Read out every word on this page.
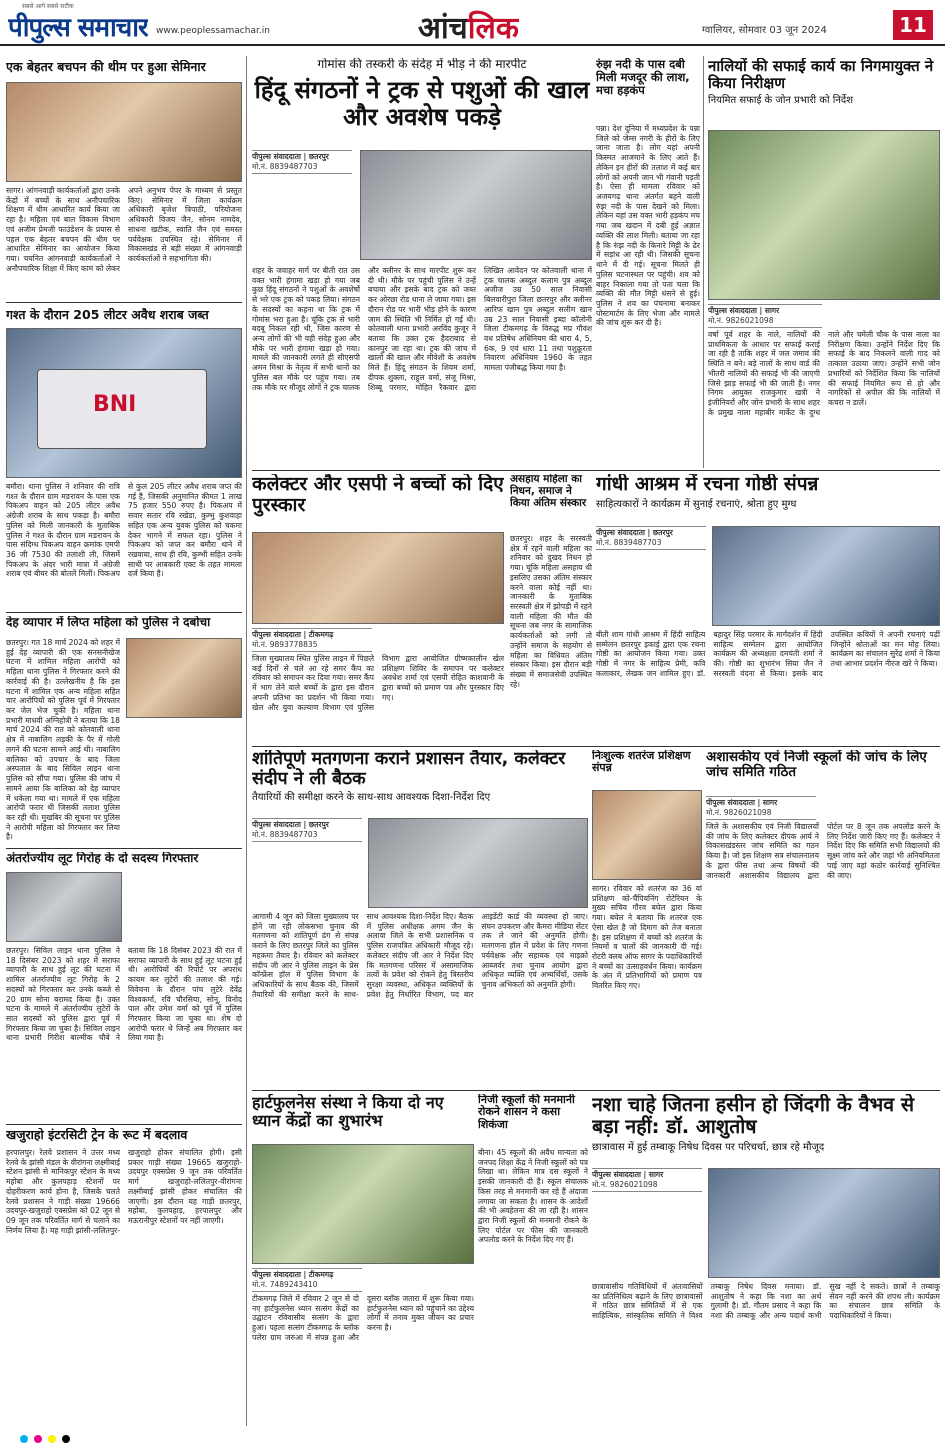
सबसे आगे सबसे सटीक
पीपुल्स समाचार www.peoplessamachar.in	आंचलिक	ग्वालियर, सोमवार 03 जून 2024	11
एक बेहतर बचपन की थीम पर हुआ सेमिनार
सागर। आंगनवाड़ी कार्यकर्ताओं द्वारा उनके केंद्रों में बच्चों के साथ अनौपचारिक शिक्षण में थीम आधारित कार्य किया जा रहा है। महिला एवं बाल विकास विभाग एवं अजीम प्रेमजी फाउंडेशन के प्रयास से पहल एक बेहतर बचपन की थीम पर आधारित सेमिनार का आयोजन किया गया। चयनित आंगनवाड़ी कार्यकर्ताओं ने अनौपचारिक शिक्षा में किए काम को लेकर अपने अनुभव पेपर के माध्यम से प्रस्तुत किए। सेमिनार में जिला कार्यक्रम अधिकारी बृजेश त्रिपाठी, परियोजना अधिकारी विजय जैन, सोनम नामदेव, साधना खटीक, स्वाति जैन एवं समस्त पर्यवेक्षक उपस्थित रहे। सेमिनार में विकासखंड से बड़ी संख्या में आंगनवाड़ी कार्यकर्ताओं ने सहभागिता की।
गश्त के दौरान 205 लीटर अवैध शराब जब्त
BNI
बमौरा। थाना पुलिस ने शनिवार की रात्रि गश्त के दौरान ग्राम मङरावन के पास एक पिकअप वाहन को 205 लीटर अवैध अंग्रेजी शराब के साथ पकड़ा है। बमौरा पुलिस को मिली जानकारी के मुताबिक पुलिस ने गश्त के दौरान ग्राम मङरावन के पास संदिग्ध पिकअप वाहन क्रमांक एमपी 36 जी 7530 की तलाशी ली, जिसमें पिकअप के अंदर भारी मात्रा में अंग्रेजी शराब एवं बीयर की बोतलें मिलीं। पिकअप से कुल 205 लीटर अवैध शराब जप्त की गई है, जिसकी अनुमानित कीमत 1 लाख 75 हजार 550 रुपए है। पिकअप में सवार सतार रवि रखेडा, कुम्भु कुशवाहा सहित एक अन्य युवक पुलिस को चकमा देकर भागने में सफल रहा। पुलिस ने पिकअप को जप्त कर बमौरा थाने में रखवाया, साथ ही रवि, कुम्भी सहित उनके साथी पर आबकारी एक्ट के तहत मामला दर्ज किया है।
देह व्यापार में लिप्त महिला को पुलिस ने दबोचा
छतरपुर। गत 18 मार्च 2024 को शहर में हुई देह व्यापारी की एक सनसनीखेज घटना में शामिल महिला आरोपी को महिला थाना पुलिस ने गिरफ्तार करने की कार्रवाई की है। उल्लेखनीय है कि इस घटना में शामिल एक अन्य महिला सहित चार आरोपियों को पुलिस पूर्व में गिरफ्तार कर जेल भेज चुकी है। महिला थाना प्रभारी माधवी अग्निहोत्री ने बताया कि 18 मार्च 2024 की रात को कोतवाली थाना क्षेत्र में नाबालिग लड़की के पैर में गोली लगने की घटना सामने आई थी। नाबालिग बालिका को उपचार के बाद जिला अस्पताल के बाद सिविल लाइन थाना पुलिस को सौंपा गया। पुलिस की जांच में सामने आया कि बालिका को देह व्यापार में धकेला गया था। मामले में एक महिला आरोपी फरार थी जिसकी तलाश पुलिस कर रही थी। मुखबिर की सूचना पर पुलिस ने आरोपी महिला को गिरफ्तार कर लिया है।
अंतर्राज्यीय लूट गिरोह के दो सदस्य गिरफ्तार
छतरपुर। सिविल लाइन थाना पुलिस ने 18 दिसंबर 2023 को शहर में सराफा व्यापारी के साथ हुई लूट की घटना में शामिल अंतर्राज्यीय लूट गिरोह के 2 सदस्यों को गिरफ्तार कर उनके कब्जे से 20 ग्राम सोना बरामद किया है। उक्त घटना के मामले में अंतर्राज्यीय लुटेरों के सात सदस्यों को पुलिस द्वारा पूर्व में गिरफ्तार किया जा चुका है। सिविल लाइन थाना प्रभारी गिरीश बाल्मीक चौबे ने बताया कि 18 दिसंबर 2023 की रात में सराफा व्यापारी के साथ हुई लूट घटना हुई थी। आरोपियों की रिपोर्ट पर अपराध कायम कर लुटेरों की तलाश की गई। विवेचना के दौरान पांच लुटेरे देवेंद्र विश्वकर्मा, रवि चौरसिया, सोनू, विनोद पाल और उमेश वर्मा को पूर्व में पुलिस गिरफ्तार किया जा चुका था। शेष दो आरोपी फरार थे जिन्हें अब गिरफ्तार कर लिया गया है।
खजुराहो इंटरसिटी ट्रेन के रूट में बदलाव
हरपालपुर। रेलवे प्रशासन ने उत्तर मध्य रेलवे के झांसी मंडल के वीरांगना लक्ष्मीबाई स्टेशन झांसी से मानिकपुर स्टेशन के मध्य महोबा और कुलपहाड़ स्टेशनों पर दोहरीकरण कार्य होना है, जिसके चलते रेलवे प्रशासन ने गाड़ी संख्या 19666 उदयपुर-खजुराहो एक्सप्रेस को 02 जून से 09 जून तक परिवर्तित मार्ग से चलाने का निर्णय लिया है। यह गाड़ी झांसी-ललितपुर-खजुराहो होकर संचालित होगी। इसी प्रकार गाड़ी संख्या 19665 खजुराहो-उदयपुर एक्सप्रेस 9 जून तक परिवर्तित मार्ग खजुराहो-ललितपुर-वीरांगना लक्ष्मीबाई झांसी होकर संचालित की जाएगी। इस दौरान यह गाड़ी छतरपुर, महोबा, कुलपहाड़, हरपालपुर और मऊरानीपुर स्टेशनों पर नहीं जाएगी।
गोमांस की तस्करी के संदेह में भीड़ ने की मारपीट
हिंदू संगठनों ने ट्रक से पशुओं की खाल और अवशेष पकड़े
पीपुल्स संवाददाता | छतरपुर
मो.नं. 8839487703
शहर के जवाहर मार्ग पर बीती रात उस वक्त भारी हंगामा खड़ा हो गया जब कुछ हिंदू संगठनों ने पशुओं के अवशेषों से भरे एक ट्रक को पकड़ लिया। संगठन के सदस्यों का कहना था कि ट्रक में गोमांस भरा हुआ है। चूंकि ट्रक से भारी बदबू निकल रही थी, जिस कारण से अन्य लोगों की भी वही संदेह हुआ और मौके पर भारी हंगामा खड़ा हो गया। मामले की जानकारी लगते ही सीएसपी अमन मिश्रा के नेतृत्व में सभी थानों का पुलिस बल मौके पर पहुंच गया। तब तक मौके पर मौजूद लोगों ने ट्रक चालक और क्लीनर के साथ मारपीट शुरू कर दी थी। मौके पर पहुंची पुलिस ने उन्हें बचाया और इसके बाद ट्रक को जब्त कर ओरछा रोड थाना ले जाया गया। इस दौरान रोड पर भारी भीड़ होने के कारण जाम की स्थिति भी निर्मित हो गई थी। कोतवाली थाना प्रभारी अरविंद कुजूर ने बताया कि उक्त ट्रक हैदराबाद से कानपुर जा रहा था। ट्रक की जांच में खालों की खाल और मीवेशी के अवशेष मिले हैं। हिंदू संगठन के शिवम शर्मा, दीपक शुक्ला, राहुल वर्मा, संजू मिश्रा, शिब्बू परमार, मोहित रैकवार द्वारा लिखित आवेदन पर कोतवाली थाना में ट्रक चालक अब्दुल कलाम पुत्र अब्दुल अजीज उम्र 50 साल निवासी बिलवारीपुरा जिला छतरपुर और क्लीनर आरिफ खान पुत्र अब्दुल सलीम खान उम्र 23 साल निवासी इब्दा कॉलोनी जिला टीकमगढ़ के विरुद्ध मप्र गौवंश वध प्रतिषेध अधिनियम की धारा 4, 5, 6क, 9 एवं धारा 11 तथा पशुक्रूरता निवारण अधिनियम 1960 के तहत मामला पंजीबद्ध किया गया है।
रुंझ नदी के पास दबी मिली मजदूर की लाश, मचा हड़कंप
पन्ना। देश दुनिया में मध्यप्रदेश के पन्ना जिले को जेम्स नगरी के हीरों के लिए जाना जाता है। लोग यहां अपनी किस्मत आजमाने के लिए आते हैं। लेकिन इन हीरों की तलाश में कई बार लोगों को अपनी जान भी गंवानी पड़ती है। ऐसा ही मामला रविवार को अजयगढ़ थाना अंतर्गत बहने वाली रुंझ नदी के पास देखने को मिला। लेकिन यहां उस वक्त भारी हड़कंप मच गया जब खदान में दबी हुई अज्ञात व्यक्ति की लाश मिली। बताया जा रहा है कि रुंझ नदी के किनारे मिट्टी के ढेर में सड़ांध आ रही थी। जिसकी सूचना थाने में दी गई। सूचना मिलते ही पुलिस घटनास्थल पर पहुंची। शव को बाहर निकाला गया तो पता चला कि व्यक्ति की मौत मिट्टी धंसने से हुई। पुलिस ने शव का पंचनामा बनाकर पोस्टमार्टम के लिए भेजा और मामले की जांच शुरू कर दी है।
नालियों की सफाई कार्य का निगमायुक्त ने किया निरीक्षण
नियमित सफाई के जोन प्रभारी को निर्देश
पीपुल्स संवाददाता | सागर
मो.नं. 9826021098
वर्षा पूर्व शहर के नाले, नालियों की प्राथमिकता के आधार पर सफाई कराई जा रही है ताकि शहर में जल जमाव की स्थिति न बने। बड़े नालों के साथ वार्ड की भीतरी नालियों की सफाई भी की जाएगी जिसे झाड़ सफाई भी की जाती है। नगर निगम आयुक्त राजकुमार खत्री ने इंजीनियरों और जोन प्रभारी के साथ शहर के प्रमुख नाला महाबीर मार्केट के दुग्ध नाले और चमेली चौक के पास नाला का निरीक्षण किया। उन्होंने निर्देश दिए कि सफाई के बाद निकलने वाली गाद को तत्काल उठाया जाए। उन्होंने सभी जोन प्रभारियों को निर्देशित किया कि नालियों की सफाई नियमित रूप से हो और नागरिकों से अपील की कि नालियों में कचरा न डालें।
कलेक्टर और एसपी ने बच्चों को दिए पुरस्कार
पीपुल्स संवाददाता | टीकमगढ़
मो.नं. 9893778835
जिला मुख्यालय स्थित पुलिस लाइन में पिछले कई दिनों से चले आ रहे समर कैंप का रविवार को समापन कर दिया गया। समर कैंप में भाग लेने वाले बच्चों के द्वारा इस दौरान अपनी प्रतिभा का प्रदर्शन भी किया गया। खेल और युवा कल्याण विभाग एवं पुलिस विभाग द्वारा आयोजित ग्रीष्मकालीन खेल प्रशिक्षण शिविर के समापन पर कलेक्टर अवधेश शर्मा एवं एसपी रोहित काशवानी के द्वारा बच्चों को प्रमाण पत्र और पुरस्कार दिए गए।
असहाय महिला का निधन, समाज ने किया अंतिम संस्कार
छतरपुर। शहर के सरस्वती क्षेत्र में रहने वाली महिला का शनिवार को दुखद निधन हो गया। चूंकि महिला असहाय थी इसलिए उसका अंतिम संस्कार करने वाला कोई नहीं था। जानकारी के मुताबिक सरस्वती क्षेत्र में झोपड़ी में रहने वाली महिला की मौत की सूचना जब नगर के सामाजिक कार्यकर्ताओं को लगी तो उन्होंने समाज के सहयोग से महिला का विधिवत अंतिम संस्कार किया। इस दौरान बड़ी संख्या में समाजसेवी उपस्थित रहे।
गांधी आश्रम में रचना गोष्ठी संपन्न
साहित्यकारों ने कार्यक्रम में सुनाई रचनाएं, श्रोता हुए मुग्ध
पीपुल्स संवाददाता | छतरपुर
मो.नं. 8839487703
बीती शाम गांधी आश्रम में हिंदी साहित्य सम्मेलन छतरपुर इकाई द्वारा एक रचना गोष्ठी का आयोजन किया गया। उक्त गोष्ठी में नगर के साहित्य प्रेमी, कवि कलाकार, लेखक जन शामिल हुए। डॉ. बहादुर सिंह परमार के मार्गदर्शन में हिंदी साहित्य सम्मेलन द्वारा आयोजित कार्यक्रम की अध्यक्षता दमयंती शर्मा ने की। गोष्ठी का शुभारंभ सिया जैन ने सरस्वती वंदना से किया। इसके बाद उपस्थित कवियों ने अपनी रचनाएं पढ़ीं जिन्होंने श्रोताओं का मन मोह लिया। कार्यक्रम का संचालन सुरेंद्र शर्मा ने किया तथा आभार प्रदर्शन नीरज खरे ने किया।
शांतिपूर्ण मतगणना कराने प्रशासन तैयार, कलेक्टर संदीप ने ली बैठक
तैयारियों की समीक्षा करने के साथ-साथ आवश्यक दिशा-निर्देश दिए
पीपुल्स संवाददाता | छतरपुर
मो.नं. 8839487703
आगामी 4 जून को जिला मुख्यालय पर होने जा रही लोकसभा चुनाव की मतगणना को शांतिपूर्ण ढंग से संपन्न कराने के लिए छतरपुर जिले का पुलिस महकमा तैयार है। रविवार को कलेक्टर संदीप जी आर ने पुलिस लाइन के प्रेस कॉन्फ्रेंस हॉल में पुलिस विभाग के अधिकारियों के साथ बैठक की, जिसमें तैयारियों की समीक्षा करने के साथ-साथ आवश्यक दिशा-निर्देश दिए। बैठक में पुलिस अधीक्षक अगम जैन के अलावा जिले के सभी प्रशासनिक व पुलिस राजपत्रित अधिकारी मौजूद रहे। कलेक्टर संदीप जी आर ने निर्देश दिए कि मतगणना परिसर में असामाजिक तत्वों के प्रवेश को रोकने हेतु त्रिस्तरीय सुरक्षा व्यवस्था, अधिकृत व्यक्तियों के प्रवेश हेतु निर्धारित विभाग, पद बार आइडेंटी कार्ड की व्यवस्था हो जाए। संघन उपकरण और कैमरा मीडिया सेंटर तक ले जाने की अनुमति होगी। मतगणना हॉल में प्रवेश के लिए गणना पर्यवेक्षक और सहायक एवं माइक्रो आब्जर्वर तथा चुनाव आयोग द्वारा अधिकृत व्यक्ति एवं अभ्यर्थियों, उसके चुनाव अभिकर्ता को अनुमति होगी।
निःशुल्क शतरंज प्रशिक्षण संपन्न
सागर। रविवार को शतरंज का 36 वां प्रशिक्षण को-चैंपियनिंग रोटेरियन के मुख्य सचिव गौरव बघेल द्वारा किया गया। बघेल ने बताया कि शतरंज एक ऐसा खेल है जो दिमाग को तेज बनाता है। इस प्रशिक्षण में बच्चों को शतरंज के नियमों व चालों की जानकारी दी गई। रोटरी क्लब ऑफ सागर के पदाधिकारियों ने बच्चों का उत्साहवर्धन किया। कार्यक्रम के अंत में प्रतिभागियों को प्रमाण पत्र वितरित किए गए।
अशासकीय एवं निजी स्कूलों की जांच के लिए जांच समिति गठित
पीपुल्स संवाददाता | सागर
मो.नं. 9826021098
जिले के अशासकीय एवं निजी विद्यालयों की जांच के लिए कलेक्टर दीपक आर्य ने विकासखंडस्तर जांच समिति का गठन किया है। जो इस शिक्षण सत्र संचालनालय के द्वारा फीस तथा अन्य विषयों की जानकारी अशासकीय विद्यालय द्वारा पोर्टल पर 8 जून तक अपलोड करने के लिए निर्देश जारी किए गए हैं। कलेक्टर ने निर्देश दिए कि समिति सभी विद्यालयों की सूक्ष्म जांच करे और जहां भी अनियमितता पाई जाए वहां कठोर कार्रवाई सुनिश्चित की जाए।
हार्टफुलनेस संस्था ने किया दो नए ध्यान केंद्रों का शुभारंभ
पीपुल्स संवाददाता | टीकमगढ़
मो.नं. 7489243410
टीकमगढ़ जिले में रविवार 2 जून से दो नए हार्टफुलनेस ध्यान सत्संग केंद्रों का उद्घाटन रविवासीय सत्संग के द्वारा हुआ। पहला सत्संग टीकमगढ़ के ब्लॉक पलेरा ग्राम जरुआ में संपन्न हुआ और दूसरा ब्लॉक जतारा में शुरू किया गया। हार्टफुलनेस ध्यान को पहुंचाने का उद्देश्य लोगों में तनाव मुक्त जीवन का प्रचार करना है।
निजी स्कूलों की मनमानी रोकने शासन ने कसा शिकंजा
बीना। 45 स्कूलों की अवैध मान्यता को जनपद शिक्षा केंद्र ने निजी स्कूलों को पत्र लिखा था। लेकिन मात्र दस स्कूलों ने इसकी जानकारी दी है। स्कूल संचालक किस तरह से मनमानी कर रहे हैं अंदाजा लगाया जा सकता है। शासन के आदेशों की भी अवहेलना की जा रही है। शासन द्वारा निजी स्कूलों की मनमानी रोकने के लिए पोर्टल पर फीस की जानकारी अपलोड करने के निर्देश दिए गए हैं।
नशा चाहे जितना हसीन हो जिंदगी के वैभव से बड़ा नहीं: डॉ. आशुतोष
छात्रावास में हुई तम्बाकू निषेध दिवस पर परिचर्चा, छात्र रहे मौजूद
पीपुल्स संवाददाता | सागर
मो.नं. 9826021098
छात्रावासीय गतिविधियों में अंतःवासियों का प्रतिनिधित्व बढ़ाने के लिए छात्रावासों में गठित छात्र समितियों में से एक साहित्यिक, सांस्कृतिक समिति ने विश्व तम्बाकू निषेध दिवस मनाया। डॉ. आशुतोष ने कहा कि नशा का अर्थ गुलामी है। डॉ. गौतम प्रसाद ने कहा कि नशा की तम्बाकू और अन्य पदार्थ कभी सुख नहीं दे सकते। छात्रों ने तम्बाकू सेवन नहीं करने की शपथ ली। कार्यक्रम का संचालन छात्र समिति के पदाधिकारियों ने किया।
